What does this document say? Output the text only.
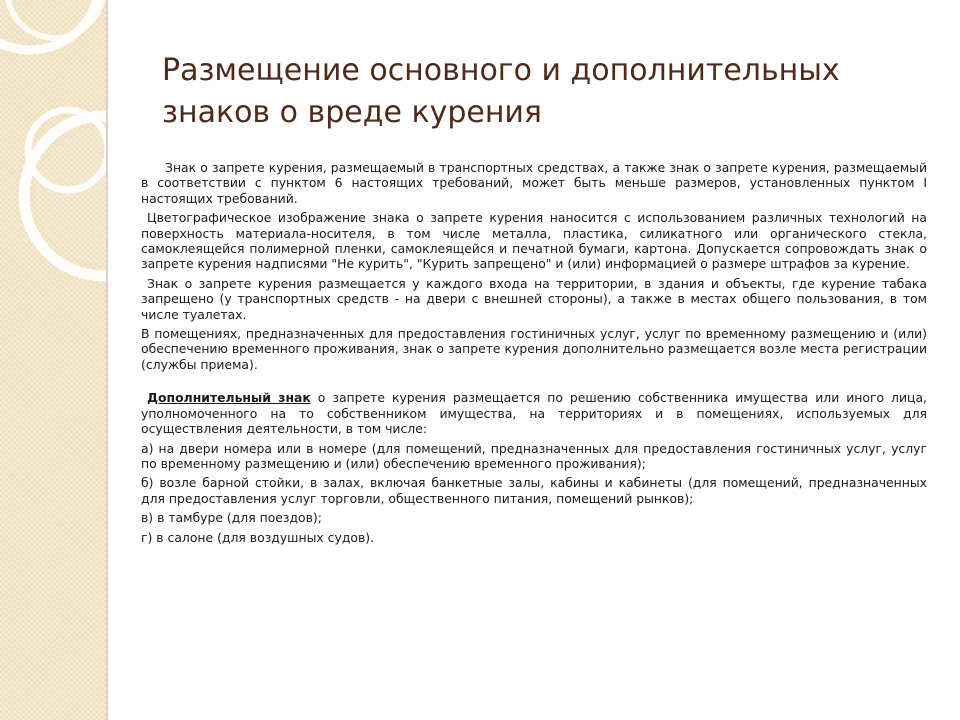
Размещение основного и дополнительных
знаков о вреде курения

Знак о запрете курения, размещаемый в транспортных средствах, а также знак о запрете курения, размещаемый в соответствии с пунктом 6 настоящих требований, может быть меньше размеров, установленных пунктом I настоящих требований.

Цветографическое изображение знака о запрете курения наносится с использованием различных технологий на поверхность материала-носителя, в том числе металла, пластика, силикатного или органического стекла, самоклеящейся полимерной пленки, самоклеящейся и печатной бумаги, картона. Допускается сопровождать знак о запрете курения надписями "Не курить", "Курить запрещено" и (или) информацией о размере штрафов за курение.

Знак о запрете курения размещается у каждого входа на территории, в здания и объекты, где курение табака запрещено (у транспортных средств - на двери с внешней стороны), а также в местах общего пользования, в том числе туалетах.

В помещениях, предназначенных для предоставления гостиничных услуг, услуг по временному размещению и (или) обеспечению временного проживания, знак о запрете курения дополнительно размещается возле места регистрации (службы приема).

Дополнительный знак о запрете курения размещается по решению собственника имущества или иного лица, уполномоченного на то собственником имущества, на территориях и в помещениях, используемых для осуществления деятельности, в том числе:

а) на двери номера или в номере (для помещений, предназначенных для предоставления гостиничных услуг, услуг по временному размещению и (или) обеспечению временного проживания);

б) возле барной стойки, в залах, включая банкетные залы, кабины и кабинеты (для помещений, предназначенных для предоставления услуг торговли, общественного питания, помещений рынков);

в) в тамбуре (для поездов);

г) в салоне (для воздушных судов).
